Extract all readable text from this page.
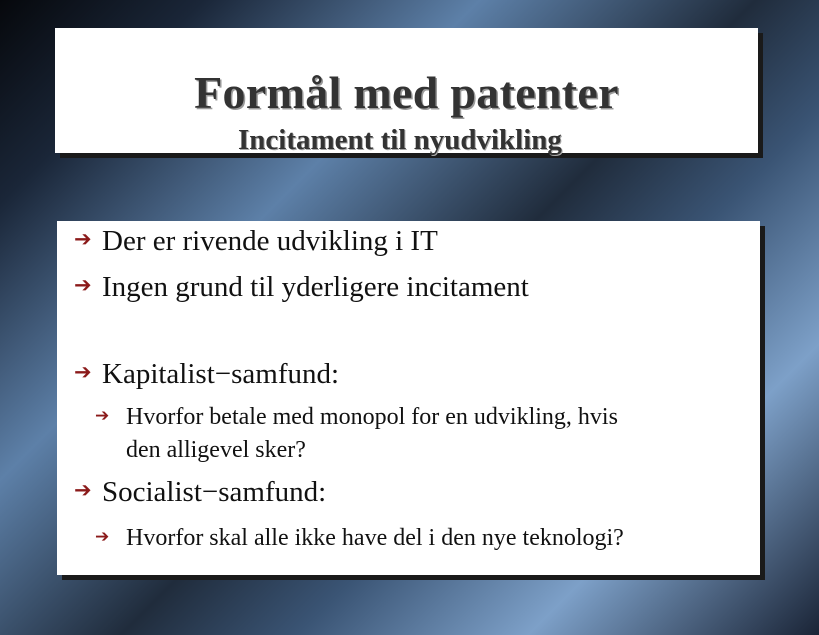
Formål med patenter
Incitament til nyudvikling
➔ Der er rivende udvikling i IT
➔ Ingen grund til yderligere incitament
➔ Kapitalist−samfund:
➔ Hvorfor betale med monopol for en udvikling, hvis
den alligevel sker?
➔ Socialist−samfund:
➔ Hvorfor skal alle ikke have del i den nye teknologi?
